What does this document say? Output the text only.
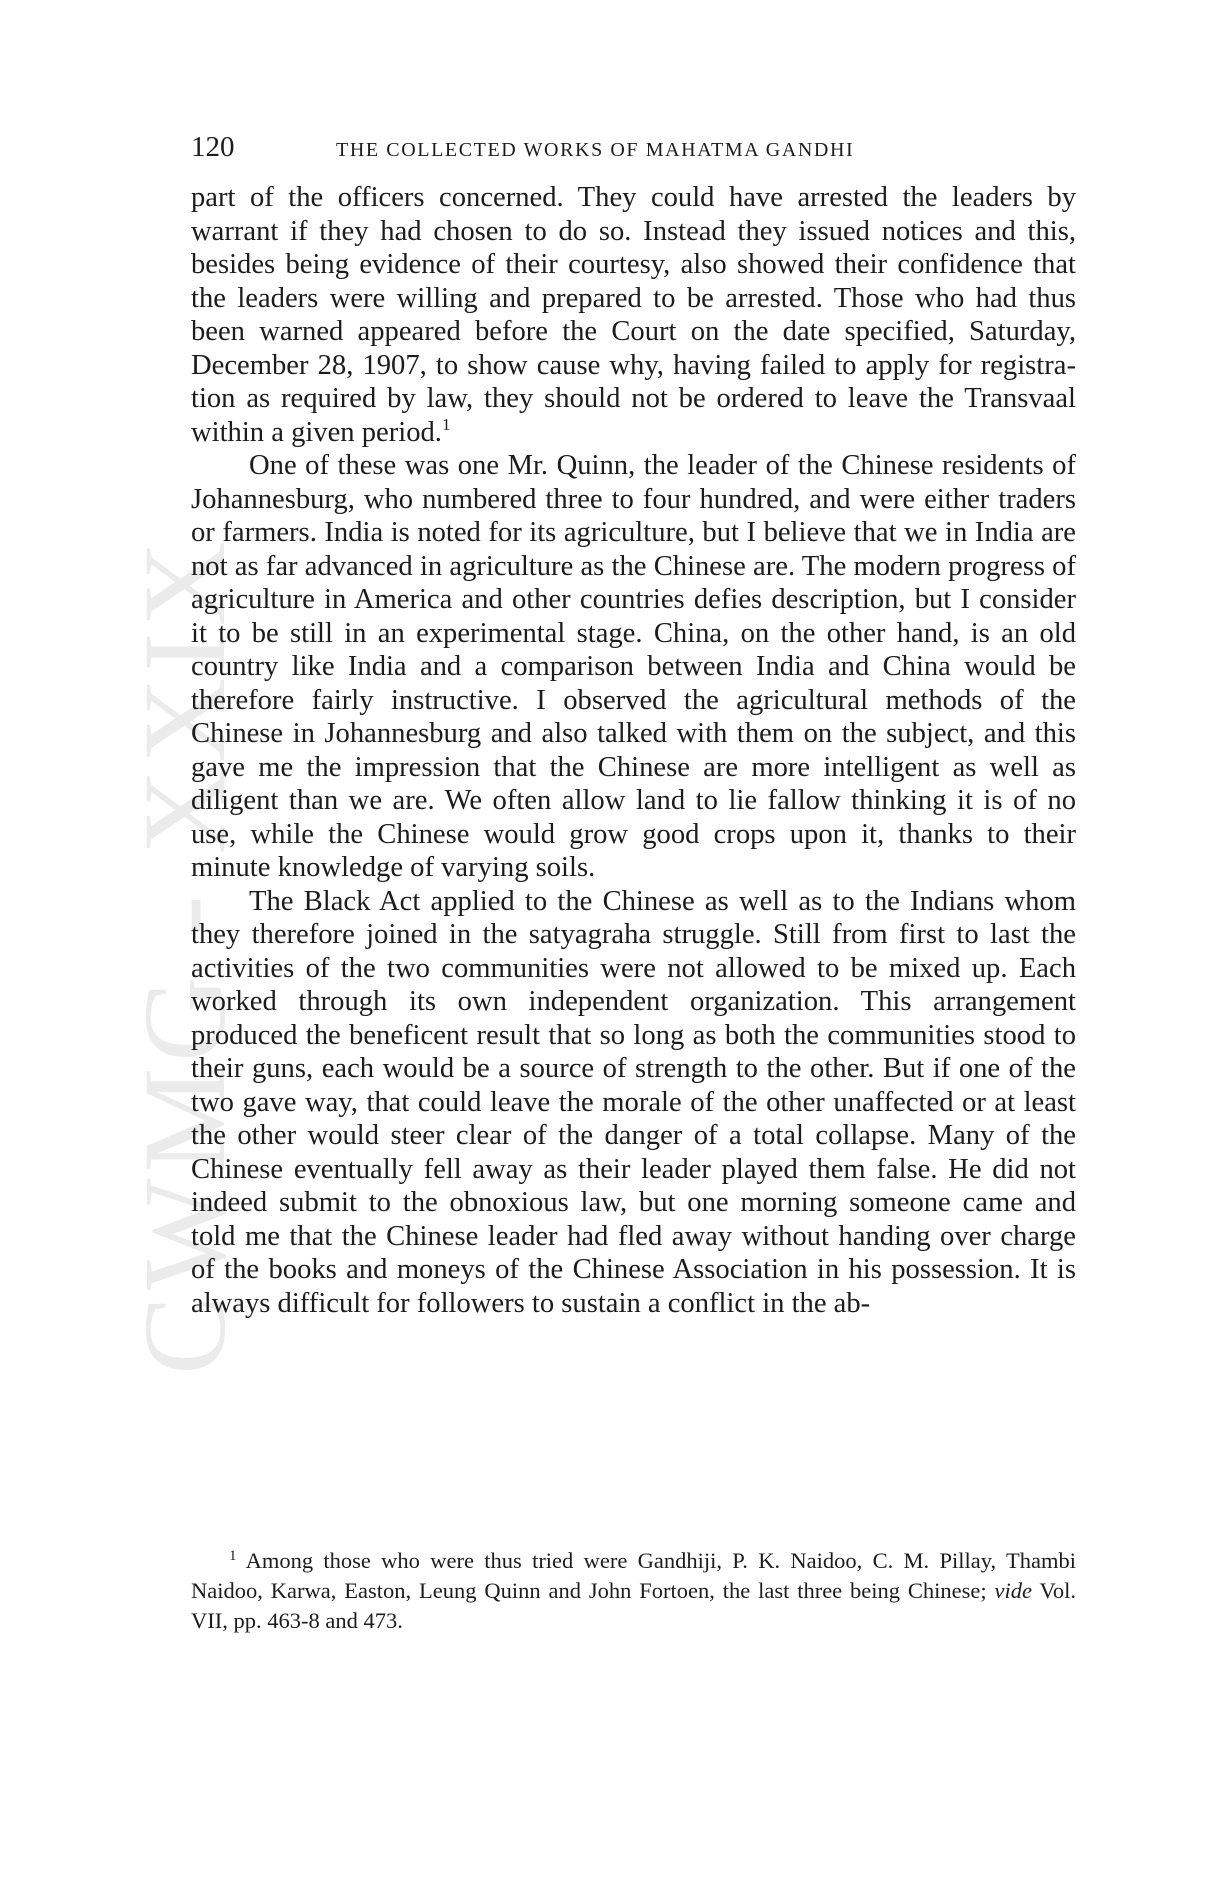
CWMG - XXIX
120	THE COLLECTED WORKS OF MAHATMA GANDHI

part of the officers concerned. They could have arrested the leaders by warrant if they had chosen to do so. Instead they issued notices and this, besides being evidence of their courtesy, also showed their confidence that the leaders were willing and prepared to be arrested. Those who had thus been warned appeared before the Court on the date specified, Saturday, December 28, 1907, to show cause why, having failed to apply for registration as required by law, they should not be ordered to leave the Transvaal within a given period.$^1$

One of these was one Mr. Quinn, the leader of the Chinese residents of Johannesburg, who numbered three to four hundred, and were either traders or farmers. India is noted for its agriculture, but I believe that we in India are not as far advanced in agriculture as the Chinese are. The modern progress of agriculture in America and other countries defies description, but I consider it to be still in an experimental stage. China, on the other hand, is an old country like India and a comparison between India and China would be therefore fairly instructive. I observed the agricultural methods of the Chinese in Johannesburg and also talked with them on the subject, and this gave me the impression that the Chinese are more intelligent as well as diligent than we are. We often allow land to lie fallow thinking it is of no use, while the Chinese would grow good crops upon it, thanks to their minute knowledge of varying soils.

The Black Act applied to the Chinese as well as to the Indians whom they therefore joined in the satyagraha struggle. Still from first to last the activities of the two communities were not allowed to be mixed up. Each worked through its own independent organization. This arrangement produced the beneficent result that so long as both the communities stood to their guns, each would be a source of strength to the other. But if one of the two gave way, that could leave the morale of the other unaffected or at least the other would steer clear of the danger of a total collapse. Many of the Chinese eventually fell away as their leader played them false. He did not indeed submit to the obnoxious law, but one morning someone came and told me that the Chinese leader had fled away without handing over charge of the books and moneys of the Chinese Association in his possession. It is always difficult for followers to sustain a conflict in the ab-

$^1$ Among those who were thus tried were Gandhiji, P. K. Naidoo, C. M. Pillay, Thambi Naidoo, Karwa, Easton, Leung Quinn and John Fortoen, the last three being Chinese; vide Vol. VII, pp. 463-8 and 473.
